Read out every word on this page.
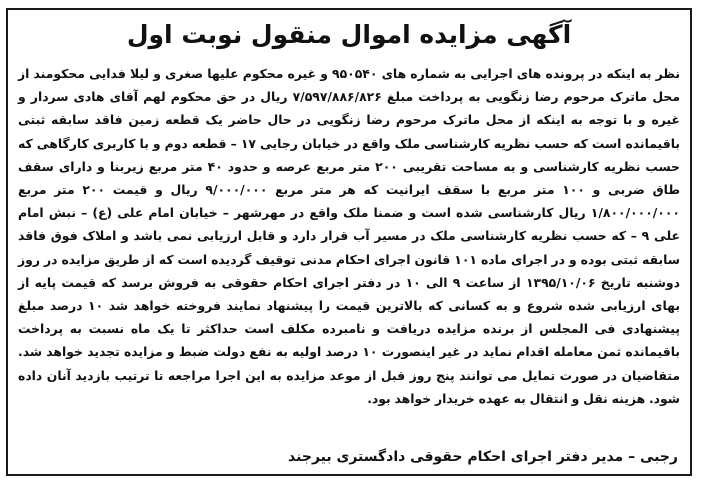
آگهی مزایده اموال منقول نوبت اول

نظر به اینکه در پرونده های اجرایی به شماره های ۹۵۰۵۴۰ و غیره محکوم علیها صغری و لیلا فدایی محکومند از محل ماترک مرحوم رضا زنگویی به پرداخت مبلغ ۷/۵۹۷/۸۸۶/۸۲۶ ریال در حق محکوم لهم آقای هادی سردار و غیره و با توجه به اینکه از محل ماترک مرحوم رضا زنگویی در حال حاضر یک قطعه زمین فاقد سابقه ثبتی باقیمانده است که حسب نظریه کارشناسی ملک واقع در خیابان رجایی ۱۷ – قطعه دوم و با کاربری کارگاهی که حسب نظریه کارشناسی و به مساحت تقریبی ۲۰۰ متر مربع عرصه و حدود ۴۰ متر مربع زیربنا و دارای سقف طاق ضربی و ۱۰۰ متر مربع با سقف ایرانیت که هر متر مربع ۹/۰۰۰/۰۰۰ ریال و قیمت ۲۰۰ متر مربع ۱/۸۰۰/۰۰۰/۰۰۰ ریال کارشناسی شده است و ضمنا ملک واقع در مهرشهر – خیابان امام علی (ع) – نبش امام علی ۹ – که حسب نظریه کارشناسی ملک در مسیر آب قرار دارد و قابل ارزیابی نمی باشد و املاک فوق فاقد سابقه ثبتی بوده و در اجرای ماده ۱۰۱ قانون اجرای احکام مدنی توقیف گردیده است که از طریق مزایده در روز دوشنبه تاریخ ۱۳۹۵/۱۰/۰۶ از ساعت ۹ الی ۱۰ در دفتر اجرای احکام حقوقی به فروش برسد که قیمت پایه از بهای ارزیابی شده شروع و به کسانی که بالاترین قیمت را پیشنهاد نمایند فروخته خواهد شد ۱۰ درصد مبلغ پیشنهادی فی المجلس از برنده مزایده دریافت و نامبرده مکلف است حداکثر تا یک ماه نسبت به پرداخت باقیمانده ثمن معامله اقدام نماید در غیر اینصورت ۱۰ درصد اولیه به نفع دولت ضبط و مزایده تجدید خواهد شد. متقاضیان در صورت تمایل می توانند پنج روز قبل از موعد مزایده به این اجرا مراجعه تا ترتیب بازدید آنان داده شود. هزینه نقل و انتقال به عهده خریدار خواهد بود.

رجبی – مدیر دفتر اجرای احکام حقوقی دادگستری بیرجند
